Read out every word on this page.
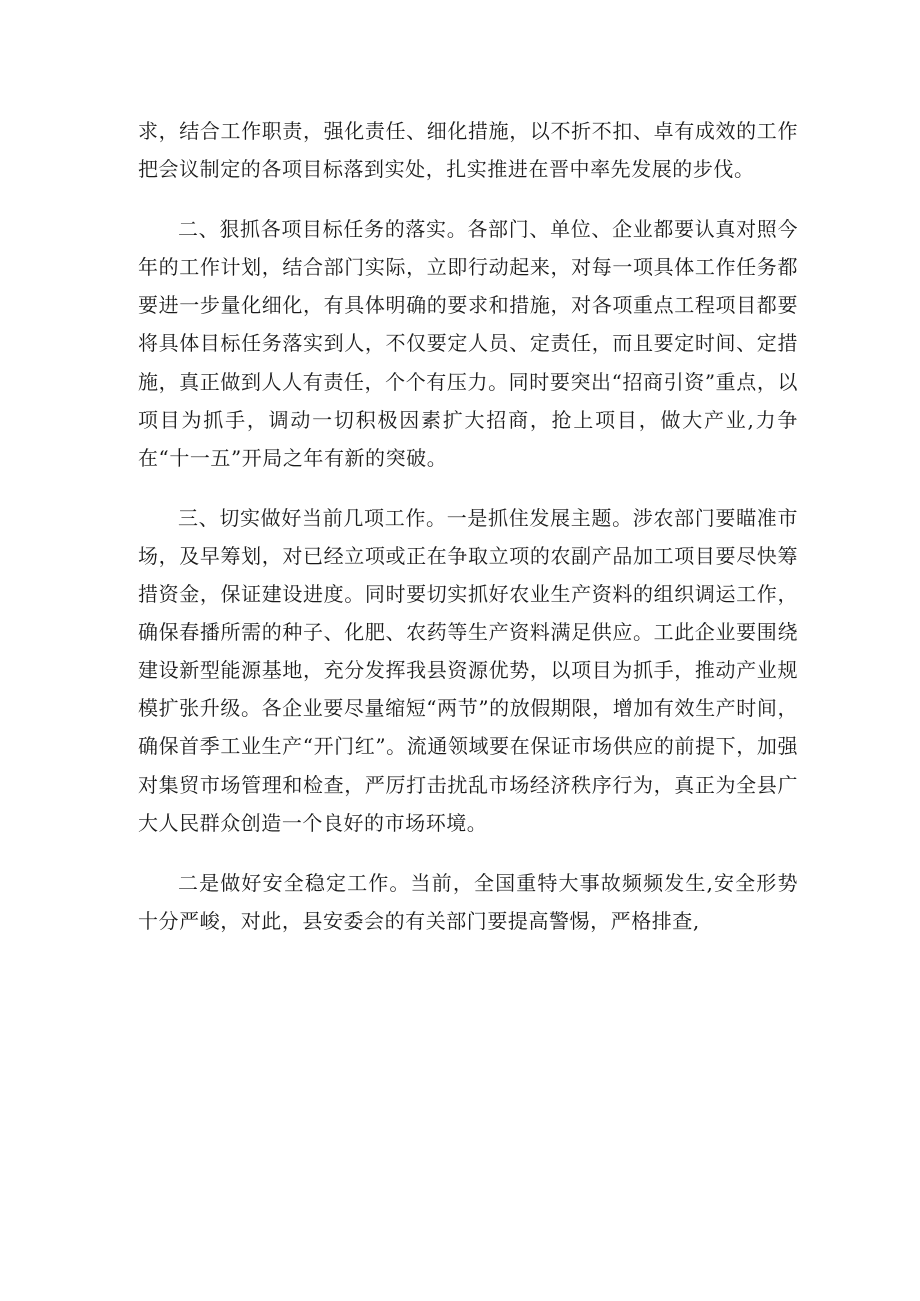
求，结合工作职责，强化责任、细化措施，以不折不扣、卓有成效的工作把会议制定的各项目标落到实处，扎实推进在晋中率先发展的步伐。

二、狠抓各项目标任务的落实。各部门、单位、企业都要认真对照今年的工作计划，结合部门实际，立即行动起来，对每一项具体工作任务都要进一步量化细化，有具体明确的要求和措施，对各项重点工程项目都要将具体目标任务落实到人，不仅要定人员、定责任，而且要定时间、定措施，真正做到人人有责任，个个有压力。同时要突出“招商引资”重点，以项目为抓手，调动一切积极因素扩大招商，抢上项目，做大产业,力争在“十一五”开局之年有新的突破。

三、切实做好当前几项工作。一是抓住发展主题。涉农部门要瞄准市场，及早筹划，对已经立项或正在争取立项的农副产品加工项目要尽快筹措资金，保证建设进度。同时要切实抓好农业生产资料的组织调运工作，确保春播所需的种子、化肥、农药等生产资料满足供应。工此企业要围绕建设新型能源基地，充分发挥我县资源优势，以项目为抓手，推动产业规模扩张升级。各企业要尽量缩短“两节”的放假期限，增加有效生产时间，确保首季工业生产“开门红”。流通领域要在保证市场供应的前提下，加强对集贸市场管理和检查，严厉打击扰乱市场经济秩序行为，真正为全县广大人民群众创造一个良好的市场环境。

二是做好安全稳定工作。当前，全国重特大事故频频发生,安全形势十分严峻，对此，县安委会的有关部门要提高警惕，严格排查,
